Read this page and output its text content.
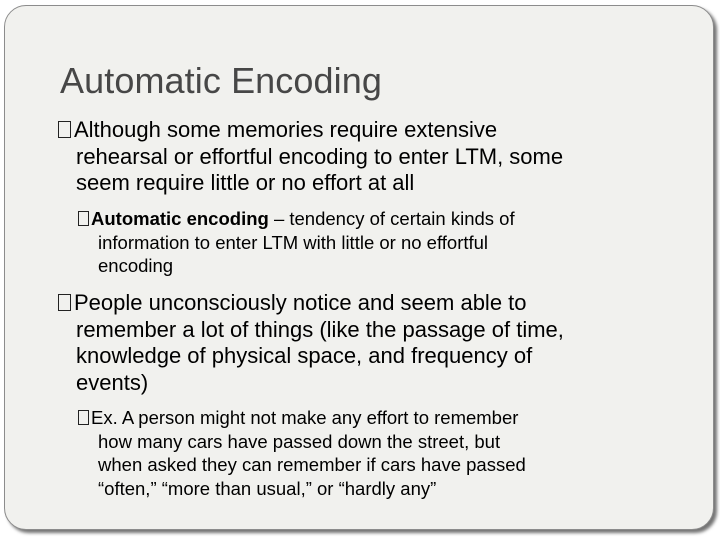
Automatic Encoding
Although some memories require extensive
rehearsal or effortful encoding to enter LTM, some
seem require little or no effort at all
Automatic encoding – tendency of certain kinds of
information to enter LTM with little or no effortful
encoding
People unconsciously notice and seem able to
remember a lot of things (like the passage of time,
knowledge of physical space, and frequency of
events)
Ex. A person might not make any effort to remember
how many cars have passed down the street, but
when asked they can remember if cars have passed
“often,” “more than usual,” or “hardly any”
